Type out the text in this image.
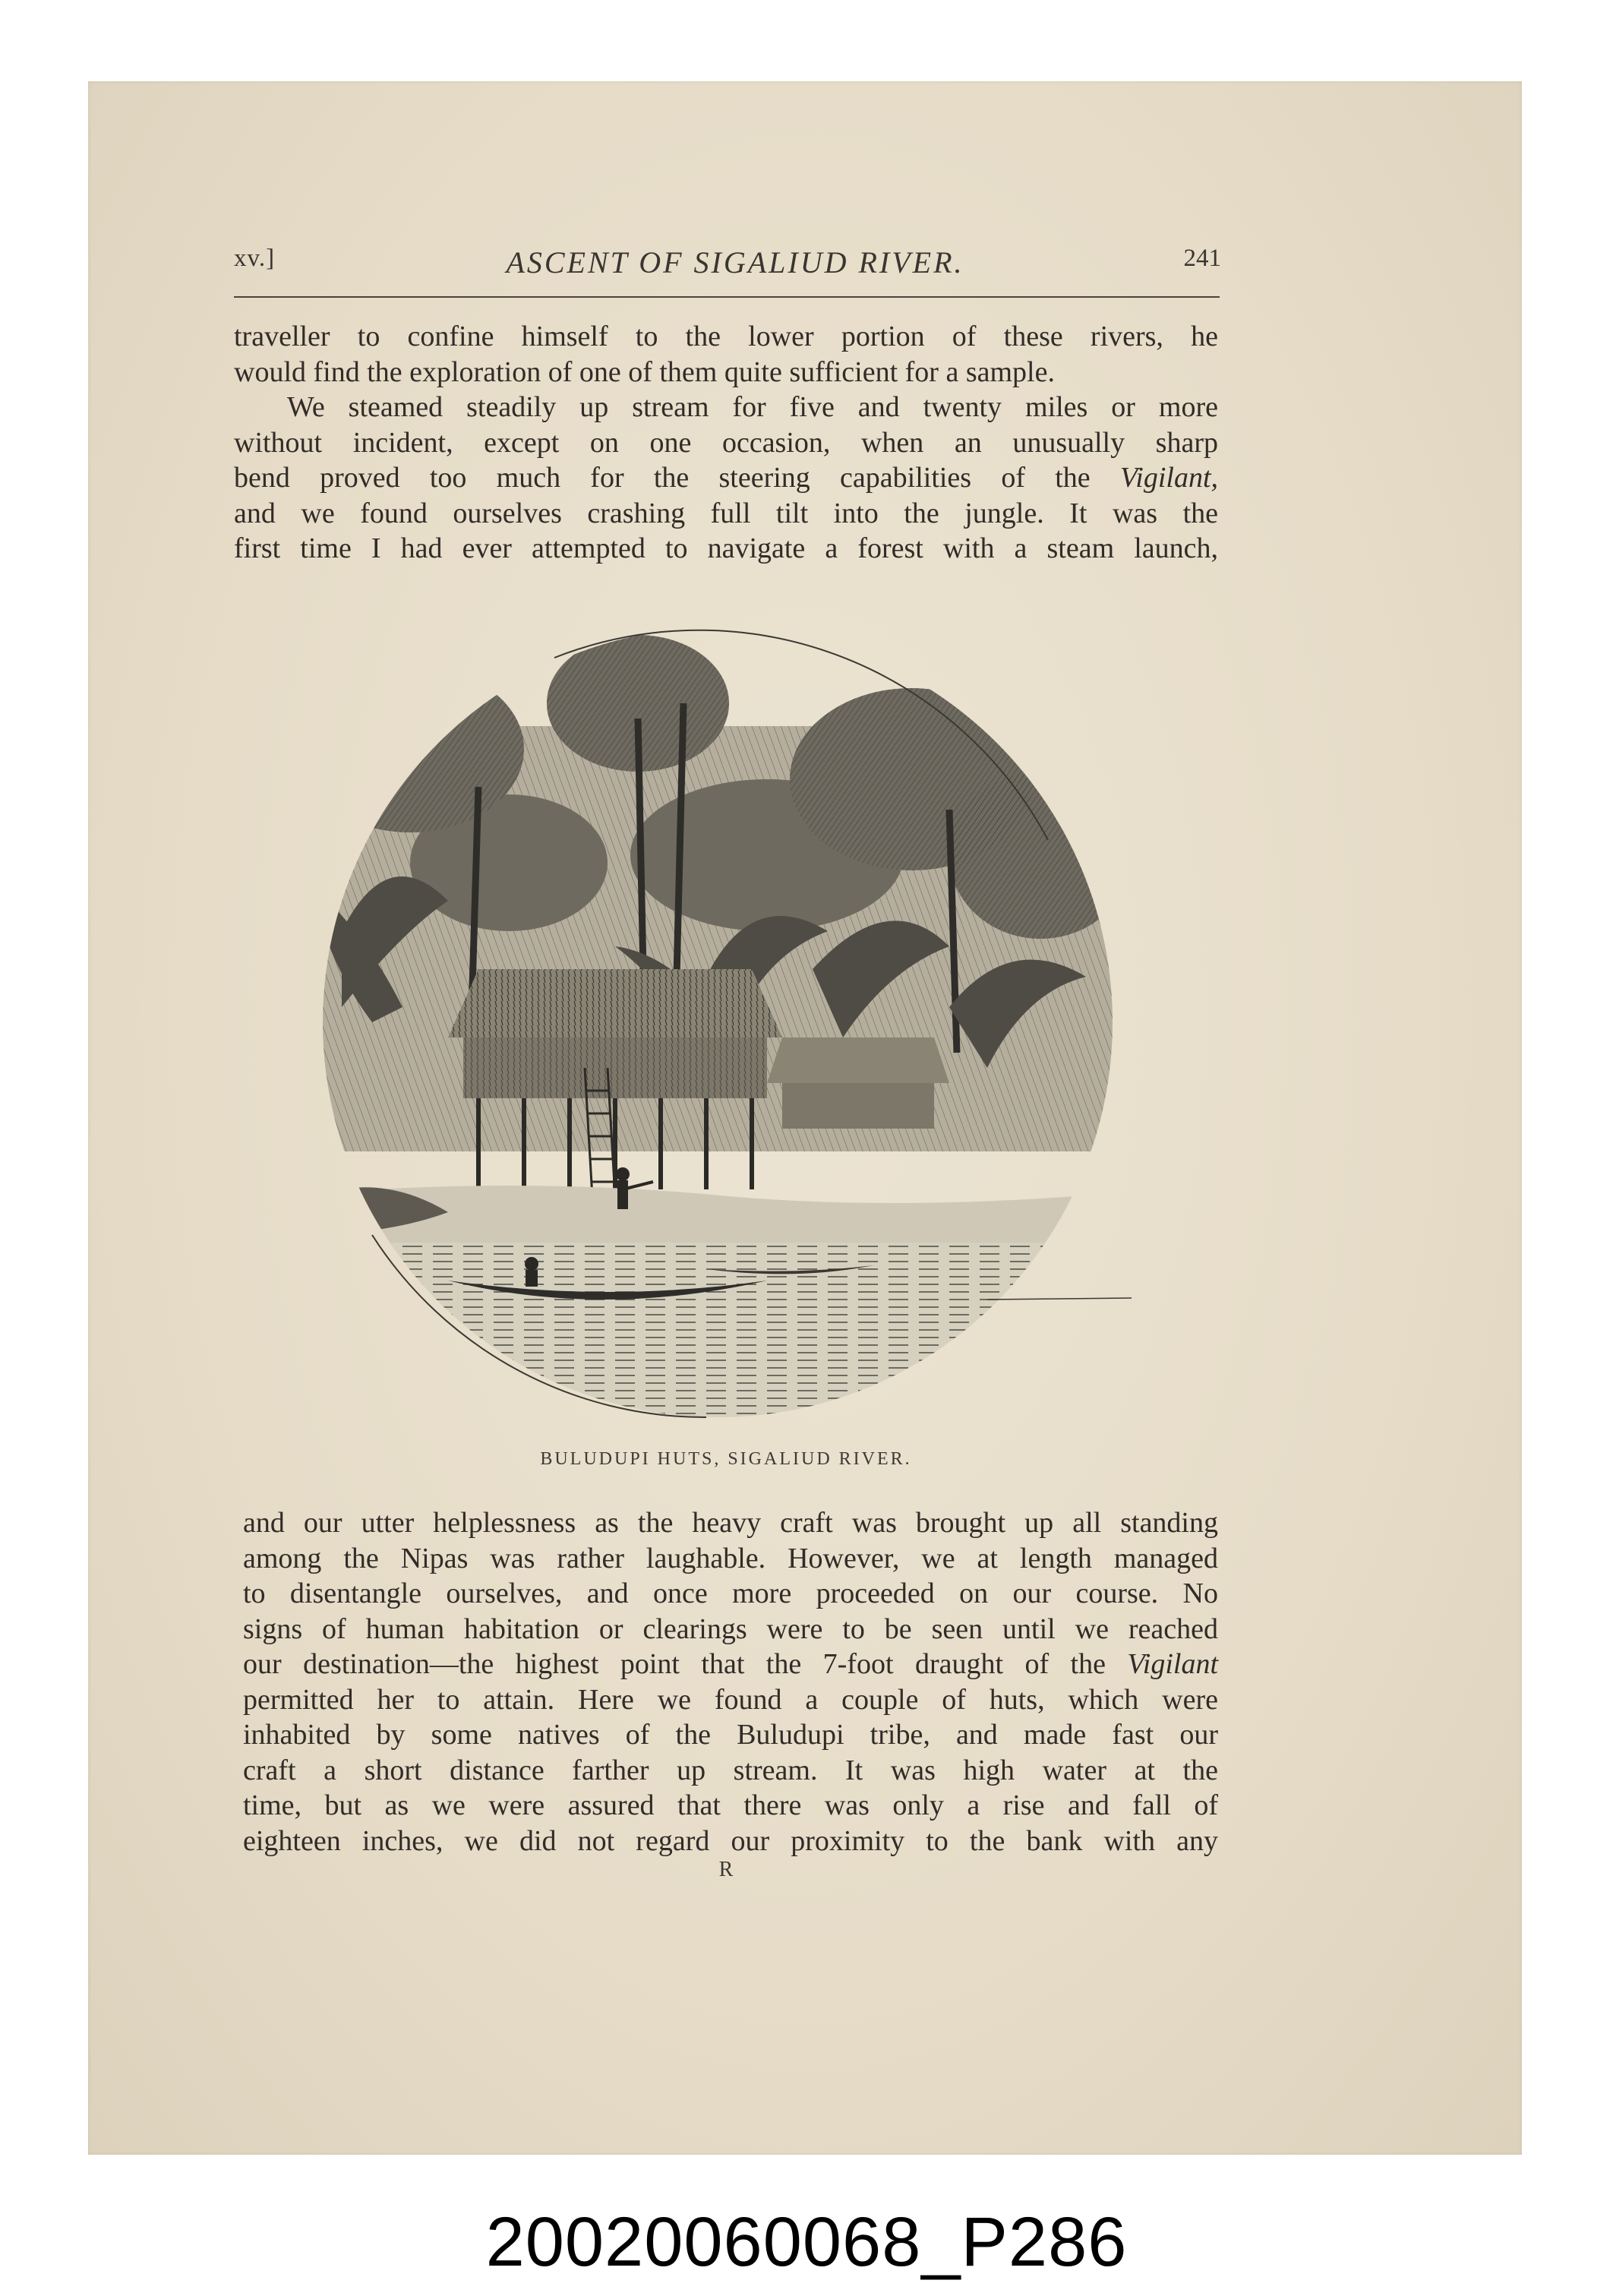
xv.]	ASCENT OF SIGALIUD RIVER.	241
traveller to confine himself to the lower portion of these rivers, he
would find the exploration of one of them quite sufficient for a sample.
We steamed steadily up stream for five and twenty miles or more
without incident, except on one occasion, when an unusually sharp
bend proved too much for the steering capabilities of the Vigilant,
and we found ourselves crashing full tilt into the jungle. It was the
first time I had ever attempted to navigate a forest with a steam launch,
BULUDUPI HUTS, SIGALIUD RIVER.
and our utter helplessness as the heavy craft was brought up all standing
among the Nipas was rather laughable. However, we at length managed
to disentangle ourselves, and once more proceeded on our course. No
signs of human habitation or clearings were to be seen until we reached
our destination—the highest point that the 7-foot draught of the Vigilant
permitted her to attain. Here we found a couple of huts, which were
inhabited by some natives of the Buludupi tribe, and made fast our
craft a short distance farther up stream. It was high water at the
time, but as we were assured that there was only a rise and fall of
eighteen inches, we did not regard our proximity to the bank with any
R
20020060068_P286
